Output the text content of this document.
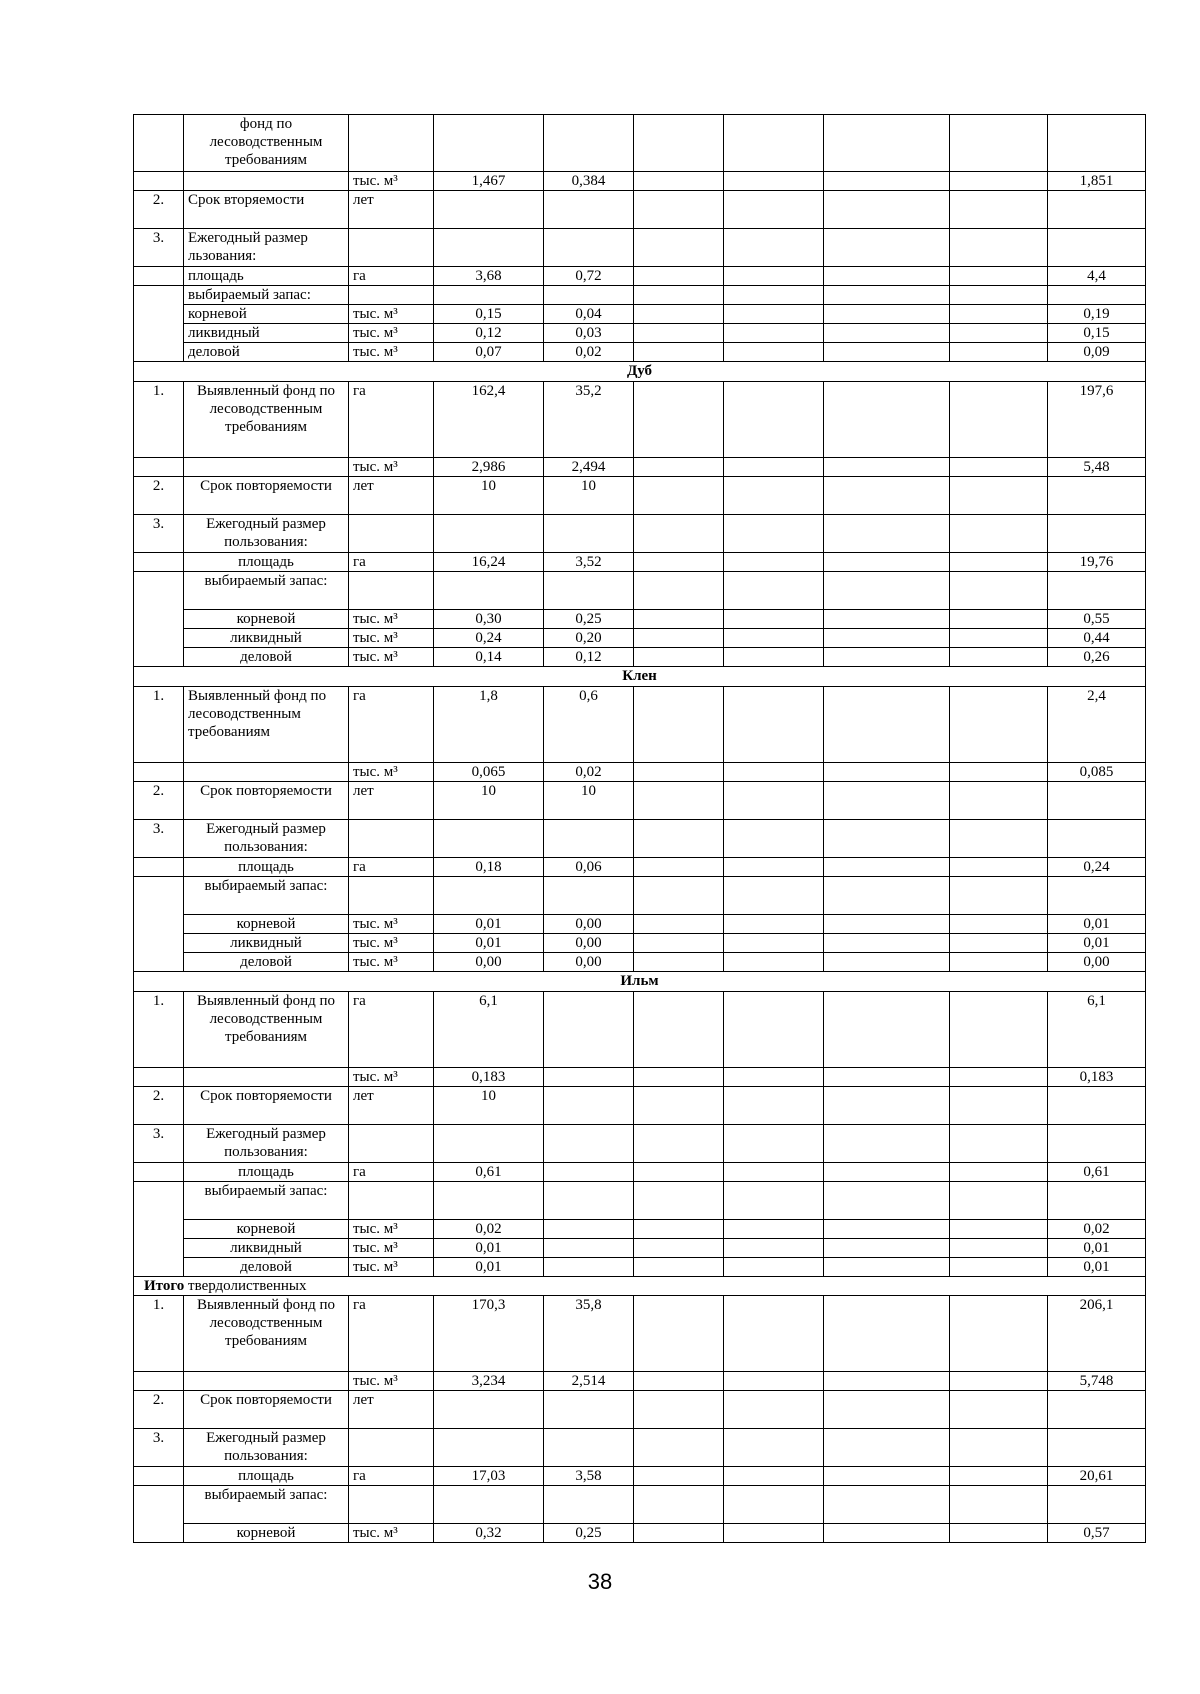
	фонд по лесоводственным требованиям								
		тыс. м³	1,467	0,384					1,851
2.	Срок вторяемости	лет							
3.	Ежегодный размер льзования:								
	площадь	га	3,68	0,72					4,4
	выбираемый запас:								
	корневой	тыс. м³	0,15	0,04					0,19
	ликвидный	тыс. м³	0,12	0,03					0,15
	деловой	тыс. м³	0,07	0,02					0,09
Дуб									
1.	Выявленный фонд по лесоводственным требованиям	га	162,4	35,2					197,6
		тыс. м³	2,986	2,494					5,48
2.	Срок повторяемости	лет	10	10					
3.	Ежегодный размер пользования:								
	площадь	га	16,24	3,52					19,76
	выбираемый запас:								
	корневой	тыс. м³	0,30	0,25					0,55
	ликвидный	тыс. м³	0,24	0,20					0,44
	деловой	тыс. м³	0,14	0,12					0,26
Клен									
1.	Выявленный фонд по лесоводственным требованиям	га	1,8	0,6					2,4
		тыс. м³	0,065	0,02					0,085
2.	Срок повторяемости	лет	10	10					
3.	Ежегодный размер пользования:								
	площадь	га	0,18	0,06					0,24
	выбираемый запас:								
	корневой	тыс. м³	0,01	0,00					0,01
	ликвидный	тыс. м³	0,01	0,00					0,01
	деловой	тыс. м³	0,00	0,00					0,00
Ильм									
1.	Выявленный фонд по лесоводственным требованиям	га	6,1						6,1
		тыс. м³	0,183						0,183
2.	Срок повторяемости	лет	10						
3.	Ежегодный размер пользования:								
	площадь	га	0,61						0,61
	выбираемый запас:								
	корневой	тыс. м³	0,02						0,02
	ликвидный	тыс. м³	0,01						0,01
	деловой	тыс. м³	0,01						0,01
Итого твердолиственных									
1.	Выявленный фонд по лесоводственным требованиям	га	170,3	35,8					206,1
		тыс. м³	3,234	2,514					5,748
2.	Срок повторяемости	лет							
3.	Ежегодный размер пользования:								
	площадь	га	17,03	3,58					20,61
	выбираемый запас:								
	корневой	тыс. м³	0,32	0,25					0,57
38
